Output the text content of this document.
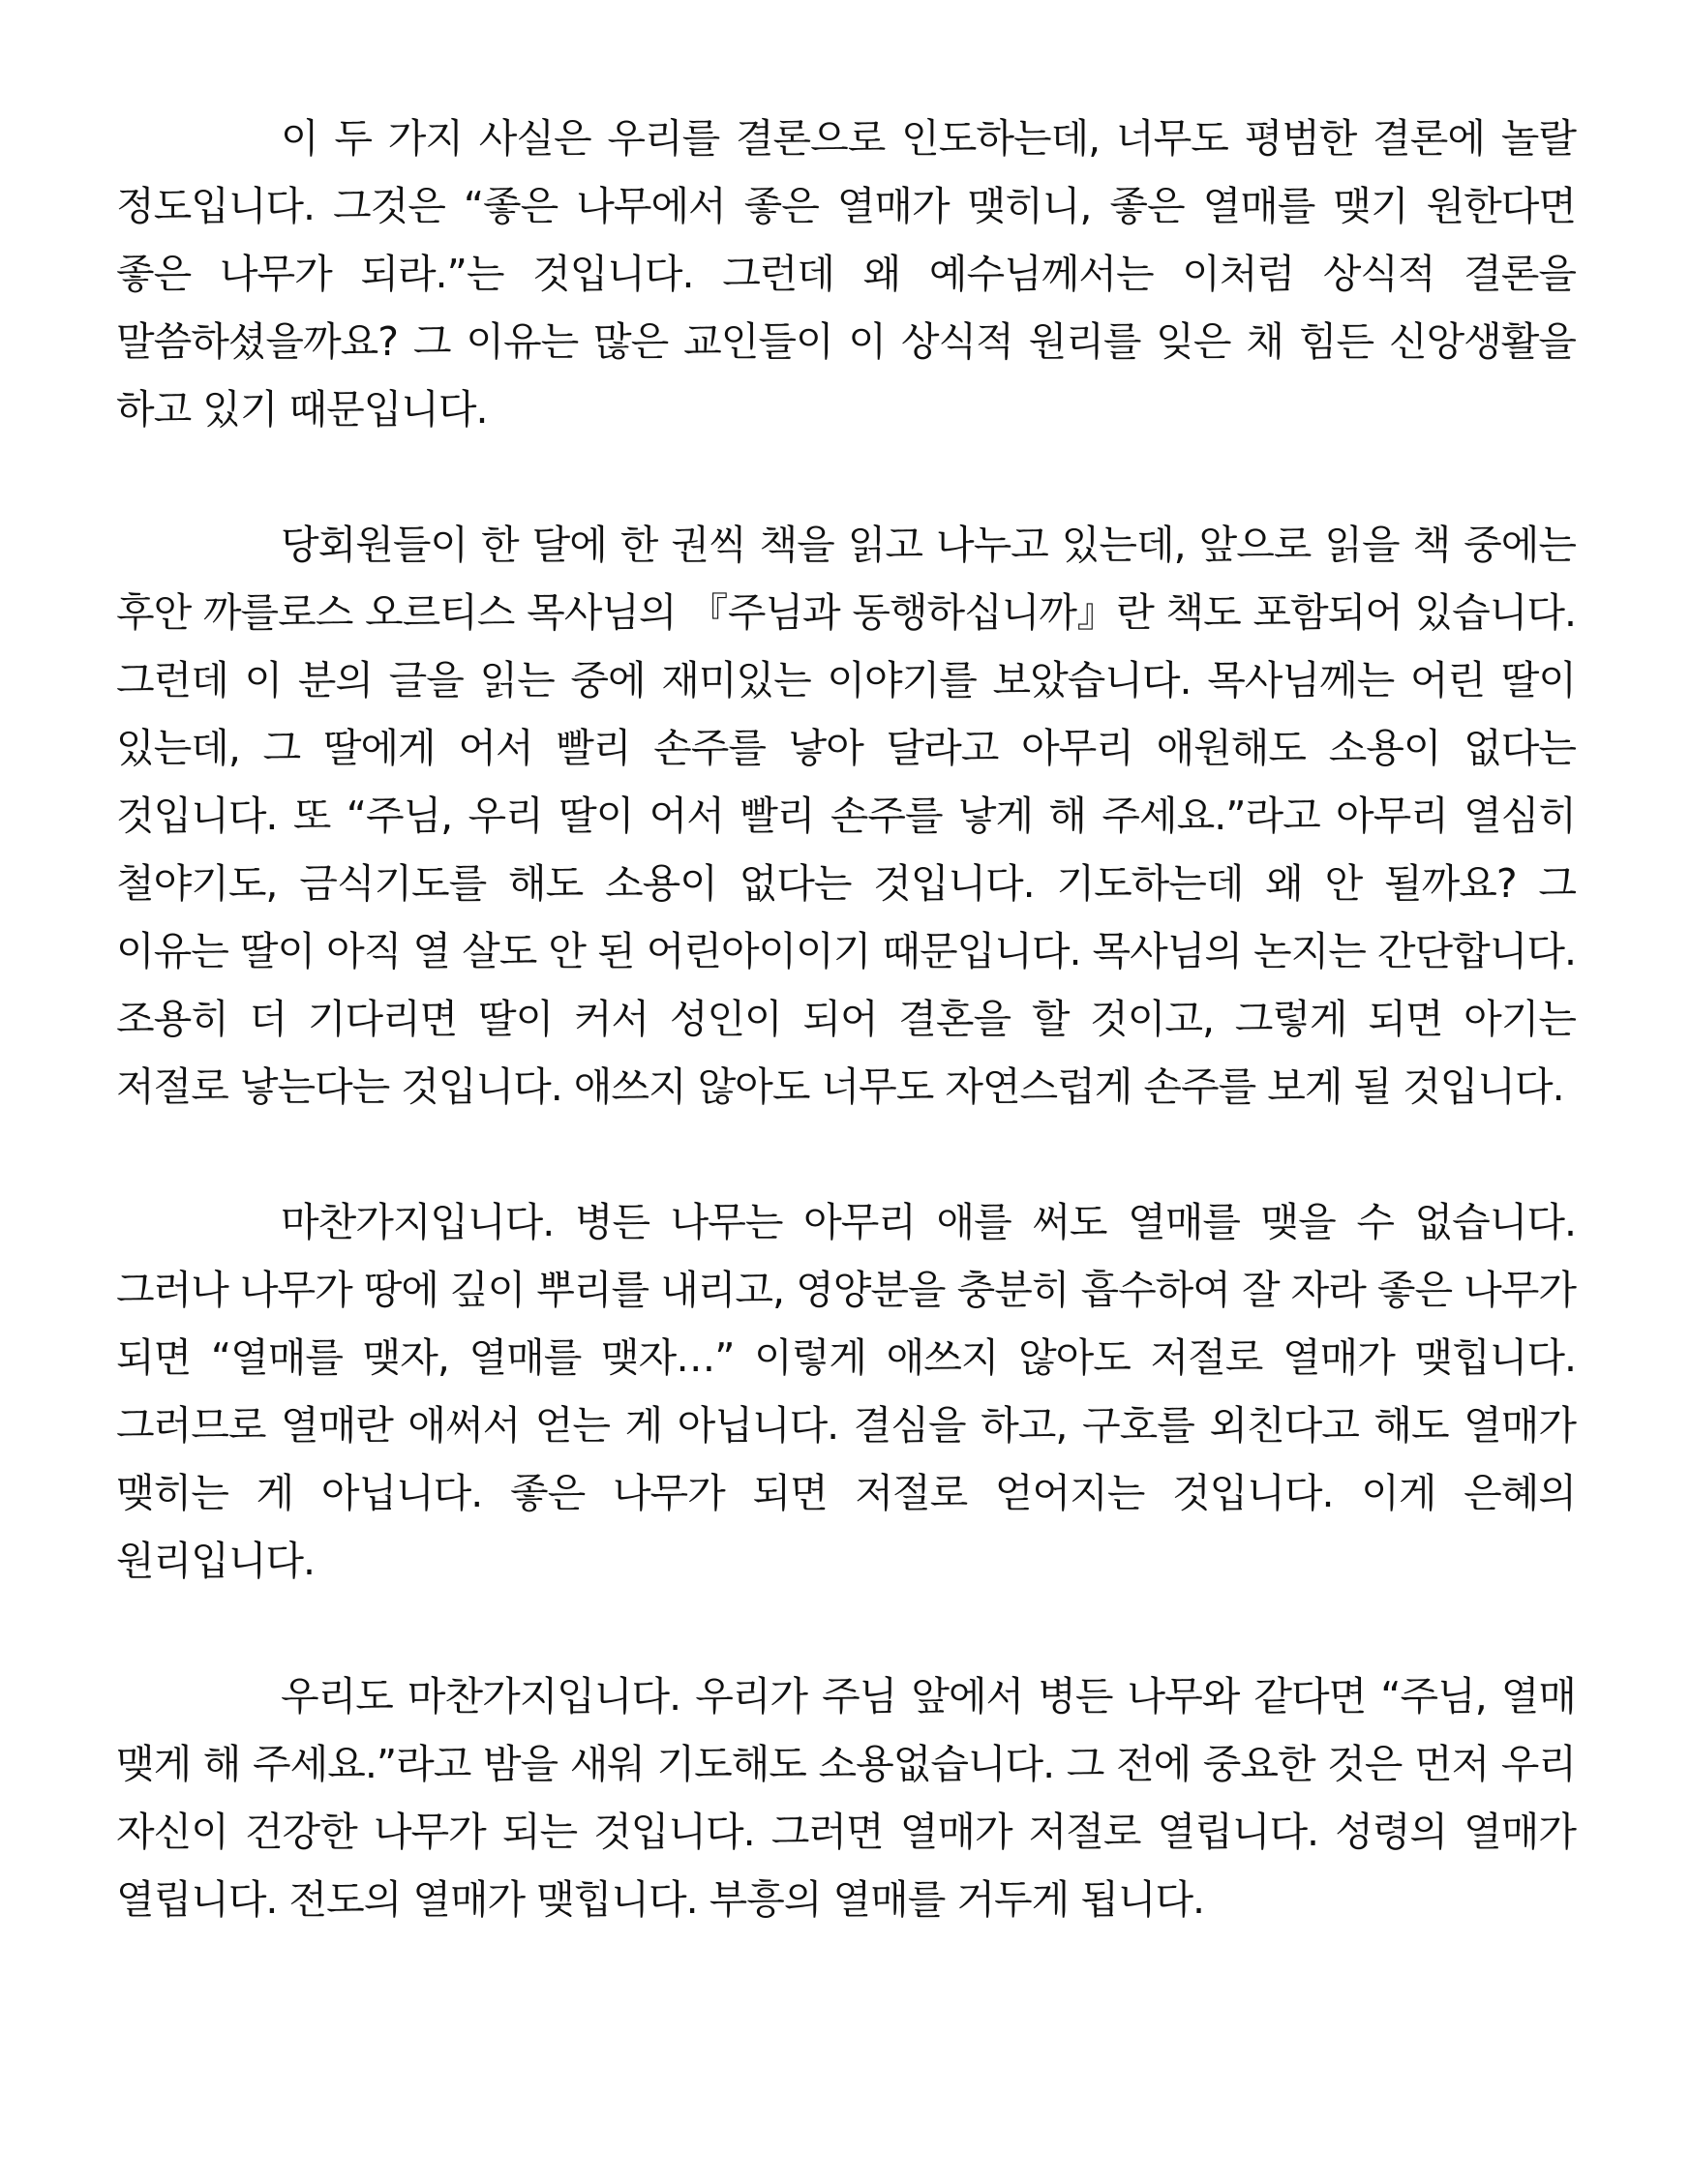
이 두 가지 사실은 우리를 결론으로 인도하는데, 너무도 평범한 결론에 놀랄 정도입니다. 그것은 “좋은 나무에서 좋은 열매가 맺히니, 좋은 열매를 맺기 원한다면 좋은 나무가 되라.”는 것입니다. 그런데 왜 예수님께서는 이처럼 상식적 결론을 말씀하셨을까요? 그 이유는 많은 교인들이 이 상식적 원리를 잊은 채 힘든 신앙생활을 하고 있기 때문입니다.

당회원들이 한 달에 한 권씩 책을 읽고 나누고 있는데, 앞으로 읽을 책 중에는 후안 까를로스 오르티스 목사님의 『주님과 동행하십니까』란 책도 포함되어 있습니다. 그런데 이 분의 글을 읽는 중에 재미있는 이야기를 보았습니다. 목사님께는 어린 딸이 있는데, 그 딸에게 어서 빨리 손주를 낳아 달라고 아무리 애원해도 소용이 없다는 것입니다. 또 “주님, 우리 딸이 어서 빨리 손주를 낳게 해 주세요.”라고 아무리 열심히 철야기도, 금식기도를 해도 소용이 없다는 것입니다. 기도하는데 왜 안 될까요? 그 이유는 딸이 아직 열 살도 안 된 어린아이이기 때문입니다. 목사님의 논지는 간단합니다. 조용히 더 기다리면 딸이 커서 성인이 되어 결혼을 할 것이고, 그렇게 되면 아기는 저절로 낳는다는 것입니다. 애쓰지 않아도 너무도 자연스럽게 손주를 보게 될 것입니다.

마찬가지입니다. 병든 나무는 아무리 애를 써도 열매를 맺을 수 없습니다. 그러나 나무가 땅에 깊이 뿌리를 내리고, 영양분을 충분히 흡수하여 잘 자라 좋은 나무가 되면 “열매를 맺자, 열매를 맺자…” 이렇게 애쓰지 않아도 저절로 열매가 맺힙니다. 그러므로 열매란 애써서 얻는 게 아닙니다. 결심을 하고, 구호를 외친다고 해도 열매가 맺히는 게 아닙니다. 좋은 나무가 되면 저절로 얻어지는 것입니다. 이게 은혜의 원리입니다.

우리도 마찬가지입니다. 우리가 주님 앞에서 병든 나무와 같다면 “주님, 열매 맺게 해 주세요.”라고 밤을 새워 기도해도 소용없습니다. 그 전에 중요한 것은 먼저 우리 자신이 건강한 나무가 되는 것입니다. 그러면 열매가 저절로 열립니다. 성령의 열매가 열립니다. 전도의 열매가 맺힙니다. 부흥의 열매를 거두게 됩니다.
